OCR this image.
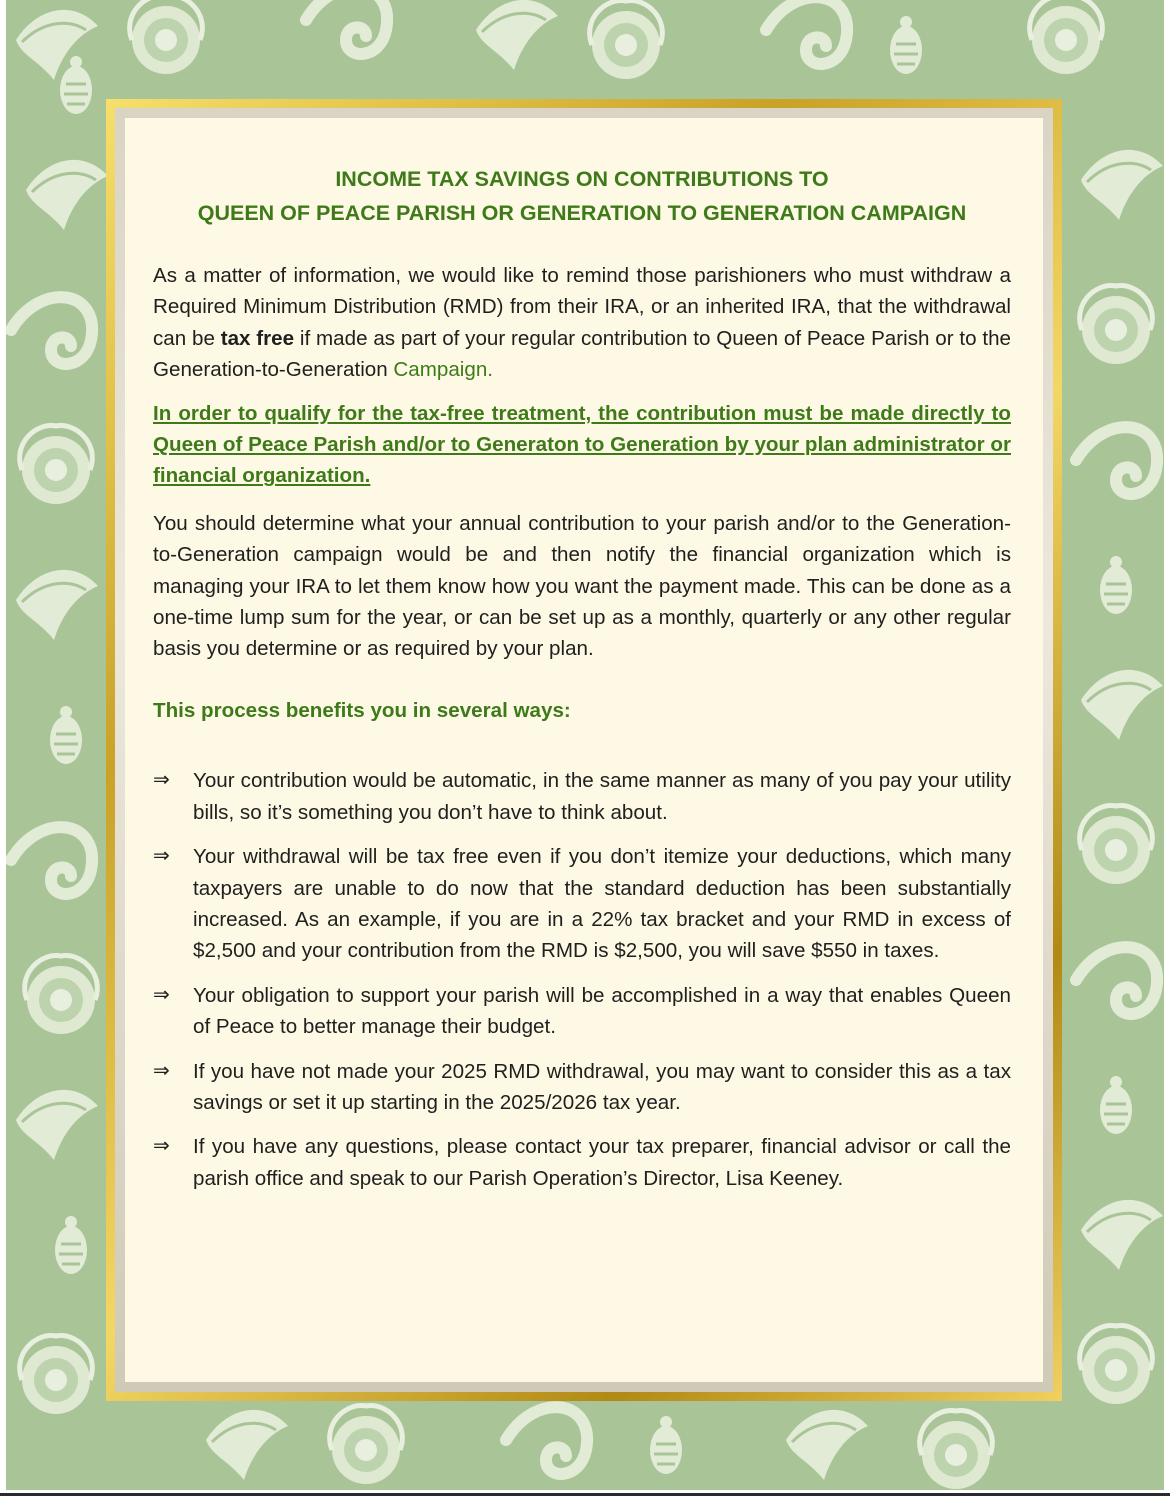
INCOME TAX SAVINGS ON CONTRIBUTIONS TO
QUEEN OF PEACE PARISH OR GENERATION TO GENERATION CAMPAIGN

As a matter of information, we would like to remind those parishioners who must withdraw a Required Minimum Distribution (RMD) from their IRA, or an inherited IRA, that the withdrawal can be tax free if made as part of your regular contribution to Queen of Peace Parish or to the Generation-to-Generation Campaign.

In order to qualify for the tax-free treatment, the contribution must be made directly to Queen of Peace Parish and/or to Generaton to Generation by your plan administrator or financial organization.

You should determine what your annual contribution to your parish and/or to the Generation-to-Generation campaign would be and then notify the financial organization which is managing your IRA to let them know how you want the payment made. This can be done as a one-time lump sum for the year, or can be set up as a monthly, quarterly or any other regular basis you determine or as required by your plan.

This process benefits you in several ways:
⇒	Your contribution would be automatic, in the same manner as many of you pay your utility bills, so it’s something you don’t have to think about.
⇒	Your withdrawal will be tax free even if you don’t itemize your deductions, which many taxpayers are unable to do now that the standard deduction has been substantially increased. As an example, if you are in a 22% tax bracket and your RMD in excess of $2,500 and your contribution from the RMD is $2,500, you will save $550 in taxes.
⇒	Your obligation to support your parish will be accomplished in a way that enables Queen of Peace to better manage their budget.
⇒	If you have not made your 2025 RMD withdrawal, you may want to consider this as a tax savings or set it up starting in the 2025/2026 tax year.
⇒	If you have any questions, please contact your tax preparer, financial advisor or call the parish office and speak to our Parish Operation’s Director, Lisa Keeney.
